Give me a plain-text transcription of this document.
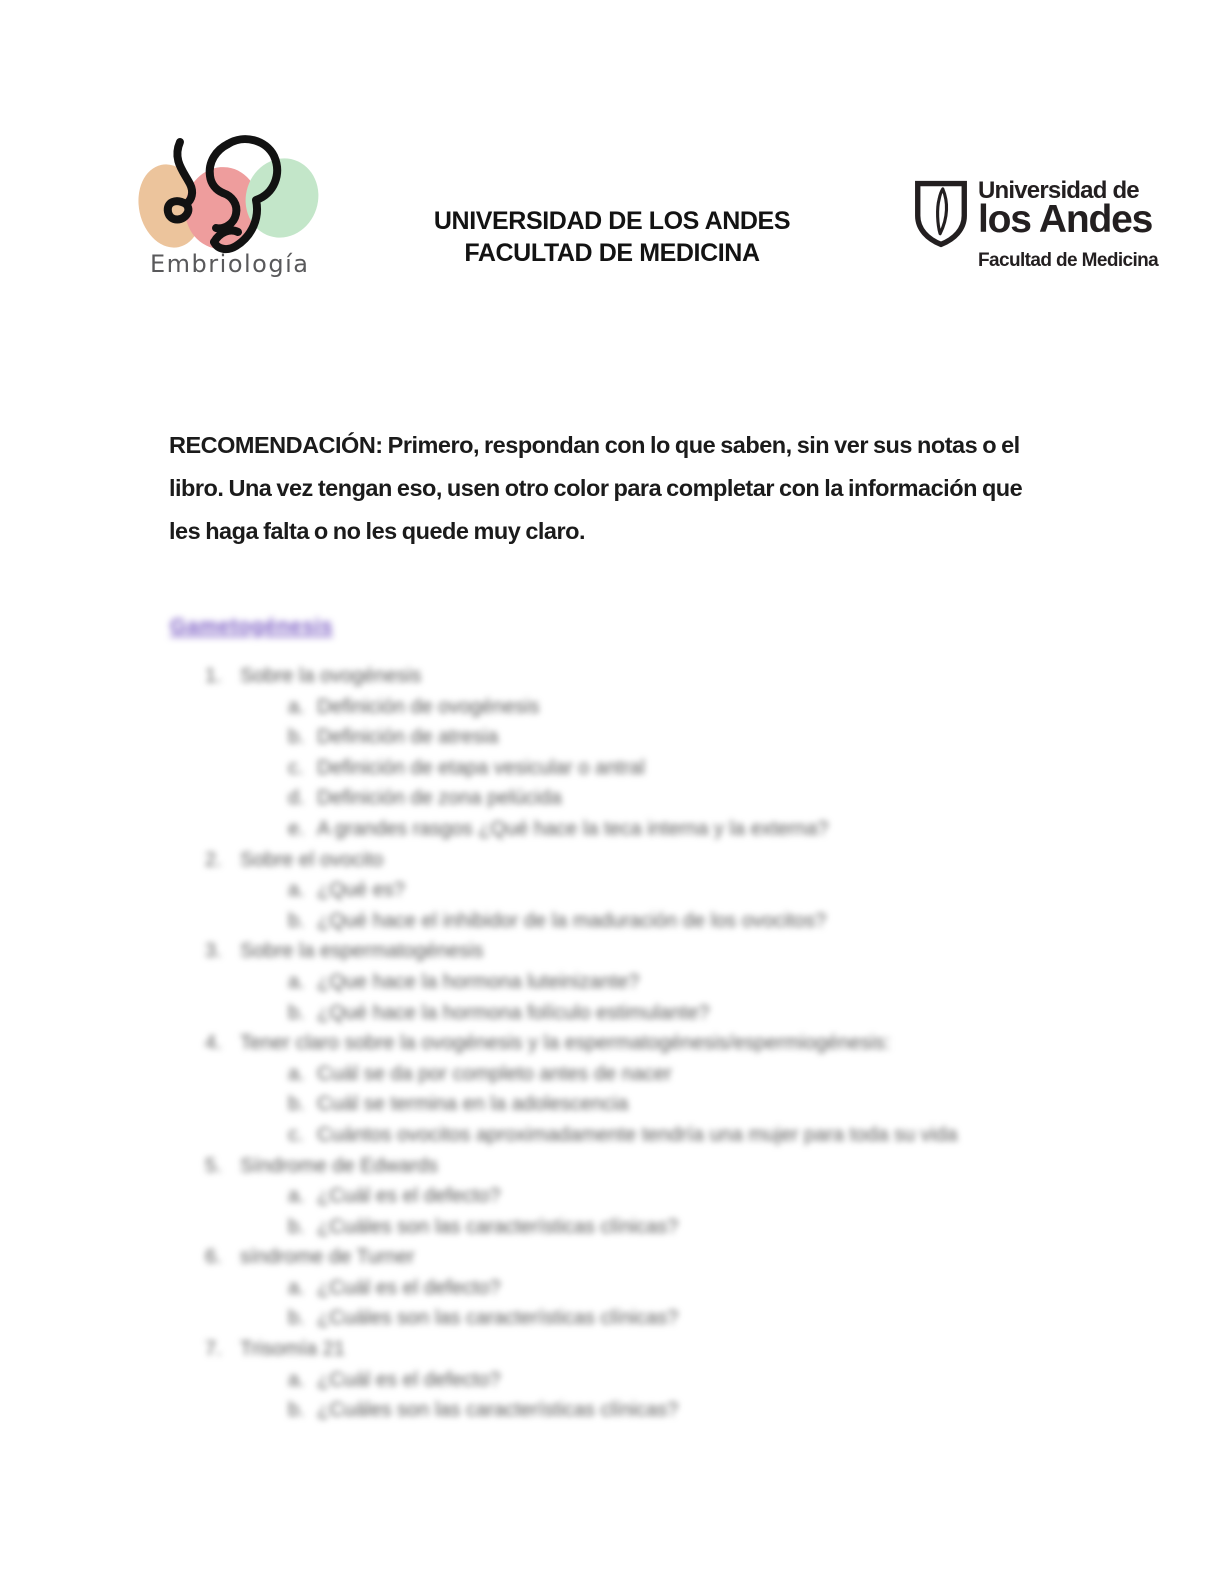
Embriología
UNIVERSIDAD DE LOS ANDES
FACULTAD DE MEDICINA
Universidad de
los Andes
Facultad de Medicina
RECOMENDACIÓN: Primero, respondan con lo que saben, sin ver sus notas o el
libro. Una vez tengan eso, usen otro color para completar con la información que
les haga falta o no les quede muy claro.
Gametogénesis
1. Sobre la ovogénesis
a. Definición de ovogénesis
b. Definición de atresia
c. Definición de etapa vesicular o antral
d. Definición de zona pelúcida
e. A grandes rasgos ¿Qué hace la teca interna y la externa?
2. Sobre el ovocito
a. ¿Qué es?
b. ¿Qué hace el inhibidor de la maduración de los ovocitos?
3. Sobre la espermatogénesis
a. ¿Que hace la hormona luteinizante?
b. ¿Qué hace la hormona folículo estimulante?
4. Tener claro sobre la ovogénesis y la espermatogénesis/espermiogénesis:
a. Cuál se da por completo antes de nacer
b. Cuál se termina en la adolescencia
c. Cuántos ovocitos aproximadamente tendría una mujer para toda su vida
5. Síndrome de Edwards
a. ¿Cuál es el defecto?
b. ¿Cuáles son las características clínicas?
6. síndrome de Turner
a. ¿Cuál es el defecto?
b. ¿Cuáles son las características clínicas?
7. Trisomía 21
a. ¿Cuál es el defecto?
b. ¿Cuáles son las características clínicas?
